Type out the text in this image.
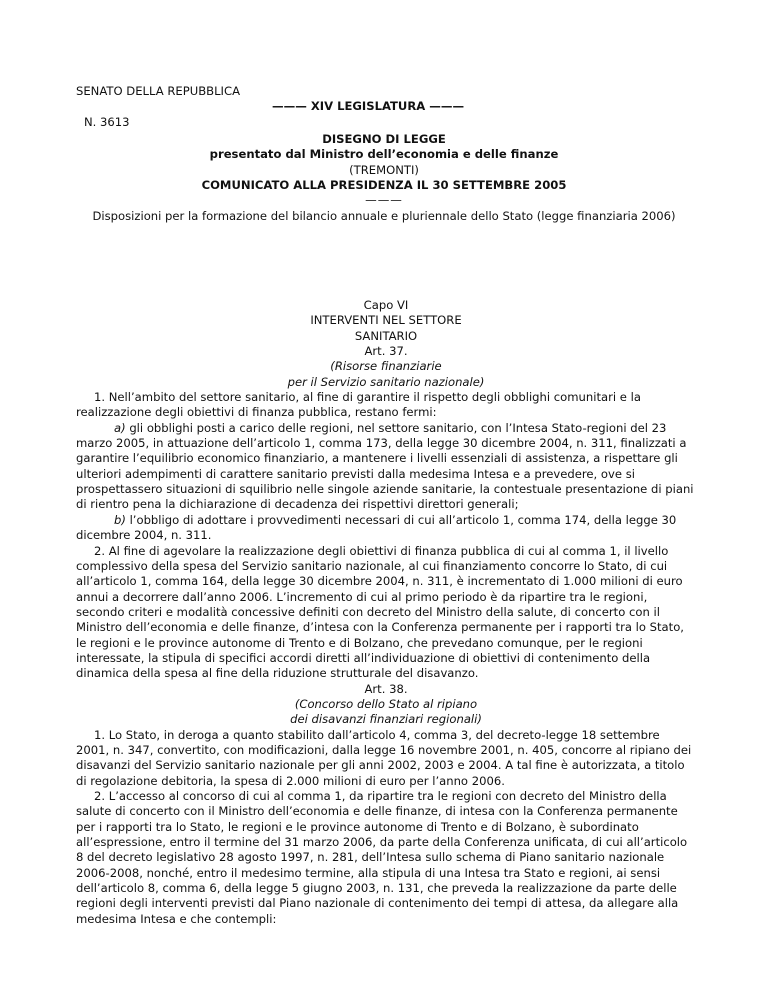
SENATO DELLA REPUBBLICA

——— XIV LEGISLATURA ———

N. 3613

DISEGNO DI LEGGE
presentato dal Ministro dell’economia e delle finanze
(TREMONTI)
COMUNICATO ALLA PRESIDENZA IL 30 SETTEMBRE 2005
———
Disposizioni per la formazione del bilancio annuale e pluriennale dello Stato (legge finanziaria 2006)
Capo VI
INTERVENTI NEL SETTORE
SANITARIO
Art. 37.
(Risorse finanziarie
per il Servizio sanitario nazionale)

1. Nell’ambito del settore sanitario, al fine di garantire il rispetto degli obblighi comunitari e la realizzazione degli obiettivi di finanza pubblica, restano fermi:

a) gli obblighi posti a carico delle regioni, nel settore sanitario, con l’Intesa Stato-regioni del 23 marzo 2005, in attuazione dell’articolo 1, comma 173, della legge 30 dicembre 2004, n. 311, finalizzati a garantire l’equilibrio economico finanziario, a mantenere i livelli essenziali di assistenza, a rispettare gli ulteriori adempimenti di carattere sanitario previsti dalla medesima Intesa e a prevedere, ove si prospettassero situazioni di squilibrio nelle singole aziende sanitarie, la contestuale presentazione di piani di rientro pena la dichiarazione di decadenza dei rispettivi direttori generali;

b) l’obbligo di adottare i provvedimenti necessari di cui all’articolo 1, comma 174, della legge 30 dicembre 2004, n. 311.

2. Al fine di agevolare la realizzazione degli obiettivi di finanza pubblica di cui al comma 1, il livello complessivo della spesa del Servizio sanitario nazionale, al cui finanziamento concorre lo Stato, di cui all’articolo 1, comma 164, della legge 30 dicembre 2004, n. 311, è incrementato di 1.000 milioni di euro annui a decorrere dall’anno 2006. L’incremento di cui al primo periodo è da ripartire tra le regioni, secondo criteri e modalità concessive definiti con decreto del Ministro della salute, di concerto con il Ministro dell’economia e delle finanze, d’intesa con la Conferenza permanente per i rapporti tra lo Stato, le regioni e le province autonome di Trento e di Bolzano, che prevedano comunque, per le regioni interessate, la stipula di specifici accordi diretti all’individuazione di obiettivi di contenimento della dinamica della spesa al fine della riduzione strutturale del disavanzo.

Art. 38.
(Concorso dello Stato al ripiano
dei disavanzi finanziari regionali)

1. Lo Stato, in deroga a quanto stabilito dall’articolo 4, comma 3, del decreto-legge 18 settembre 2001, n. 347, convertito, con modificazioni, dalla legge 16 novembre 2001, n. 405, concorre al ripiano dei disavanzi del Servizio sanitario nazionale per gli anni 2002, 2003 e 2004. A tal fine è autorizzata, a titolo di regolazione debitoria, la spesa di 2.000 milioni di euro per l’anno 2006.

2. L’accesso al concorso di cui al comma 1, da ripartire tra le regioni con decreto del Ministro della salute di concerto con il Ministro dell’economia e delle finanze, di intesa con la Conferenza permanente per i rapporti tra lo Stato, le regioni e le province autonome di Trento e di Bolzano, è subordinato all’espressione, entro il termine del 31 marzo 2006, da parte della Conferenza unificata, di cui all’articolo 8 del decreto legislativo 28 agosto 1997, n. 281, dell’Intesa sullo schema di Piano sanitario nazionale 2006-2008, nonché, entro il medesimo termine, alla stipula di una Intesa tra Stato e regioni, ai sensi dell’articolo 8, comma 6, della legge 5 giugno 2003, n. 131, che preveda la realizzazione da parte delle regioni degli interventi previsti dal Piano nazionale di contenimento dei tempi di attesa, da allegare alla medesima Intesa e che contempli:
